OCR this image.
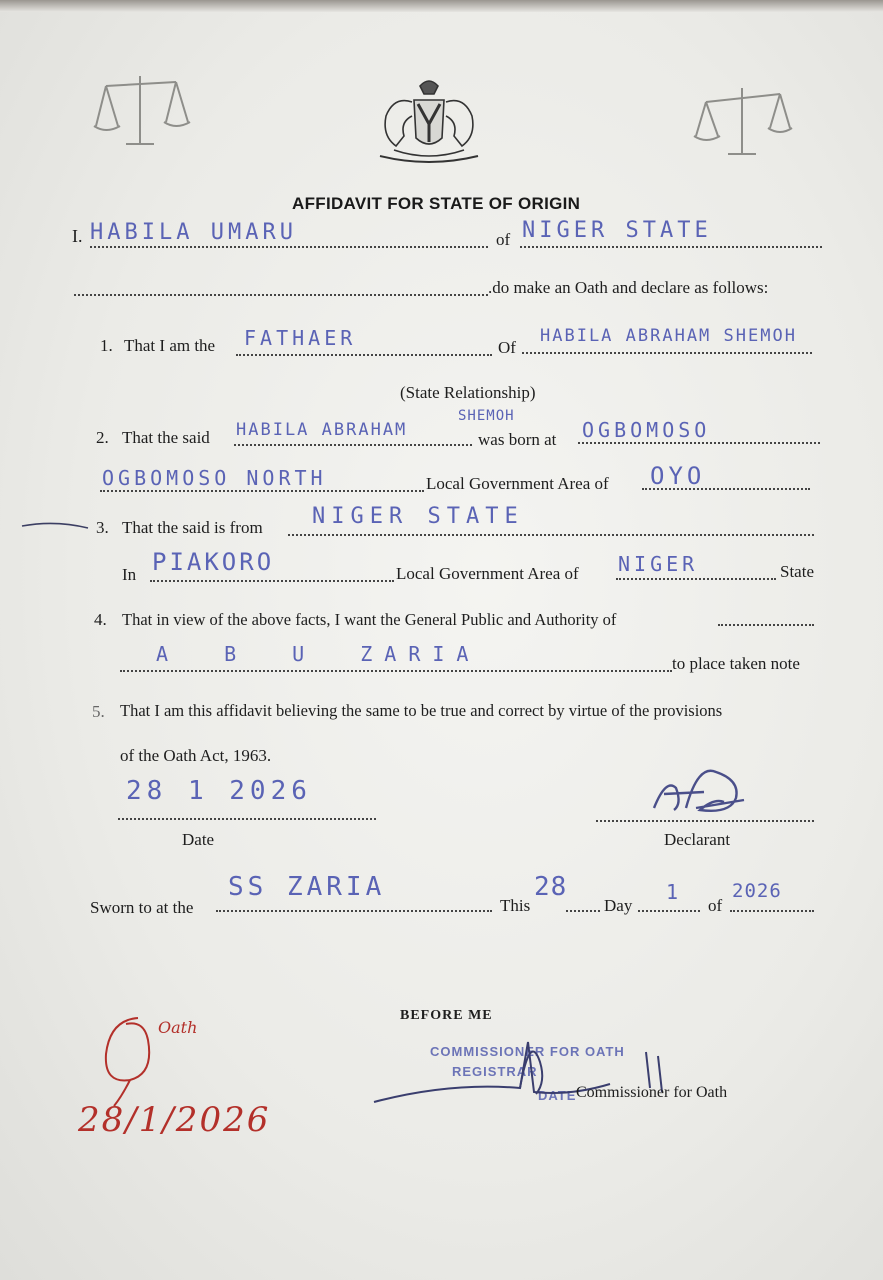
AFFIDAVIT FOR STATE OF ORIGIN
I. HABILA UMARU	of NIGER STATE
.do make an Oath and declare as follows:
1. That I am the FATHAER	Of
HABILA ABRAHAM SHEMOH
(State Relationship)
2. That the said HABILA ABRAHAM
SHEMOH
was born at OGBOMOSO
OGBOMOSO NORTH	Local Government Area of OYO
3. That the said is from NIGER STATE
In PIAKORO	Local Government Area of NIGER	State
4. That in view of the above facts, I want the General Public and Authority of
A B U ZARIA	to place taken note
5. That I am this affidavit believing the same to be true and correct by virtue of the provisions
of the Oath Act, 1963.
28 1 2026
Date	Declarant
Sworn to at the
SS ZARIA
This
28
Day
1
of
2026
BEFORE ME
COMMISSIONER FOR OATH
REGISTRAR
DATE Commissioner for Oath
Oath
28/1/2026
